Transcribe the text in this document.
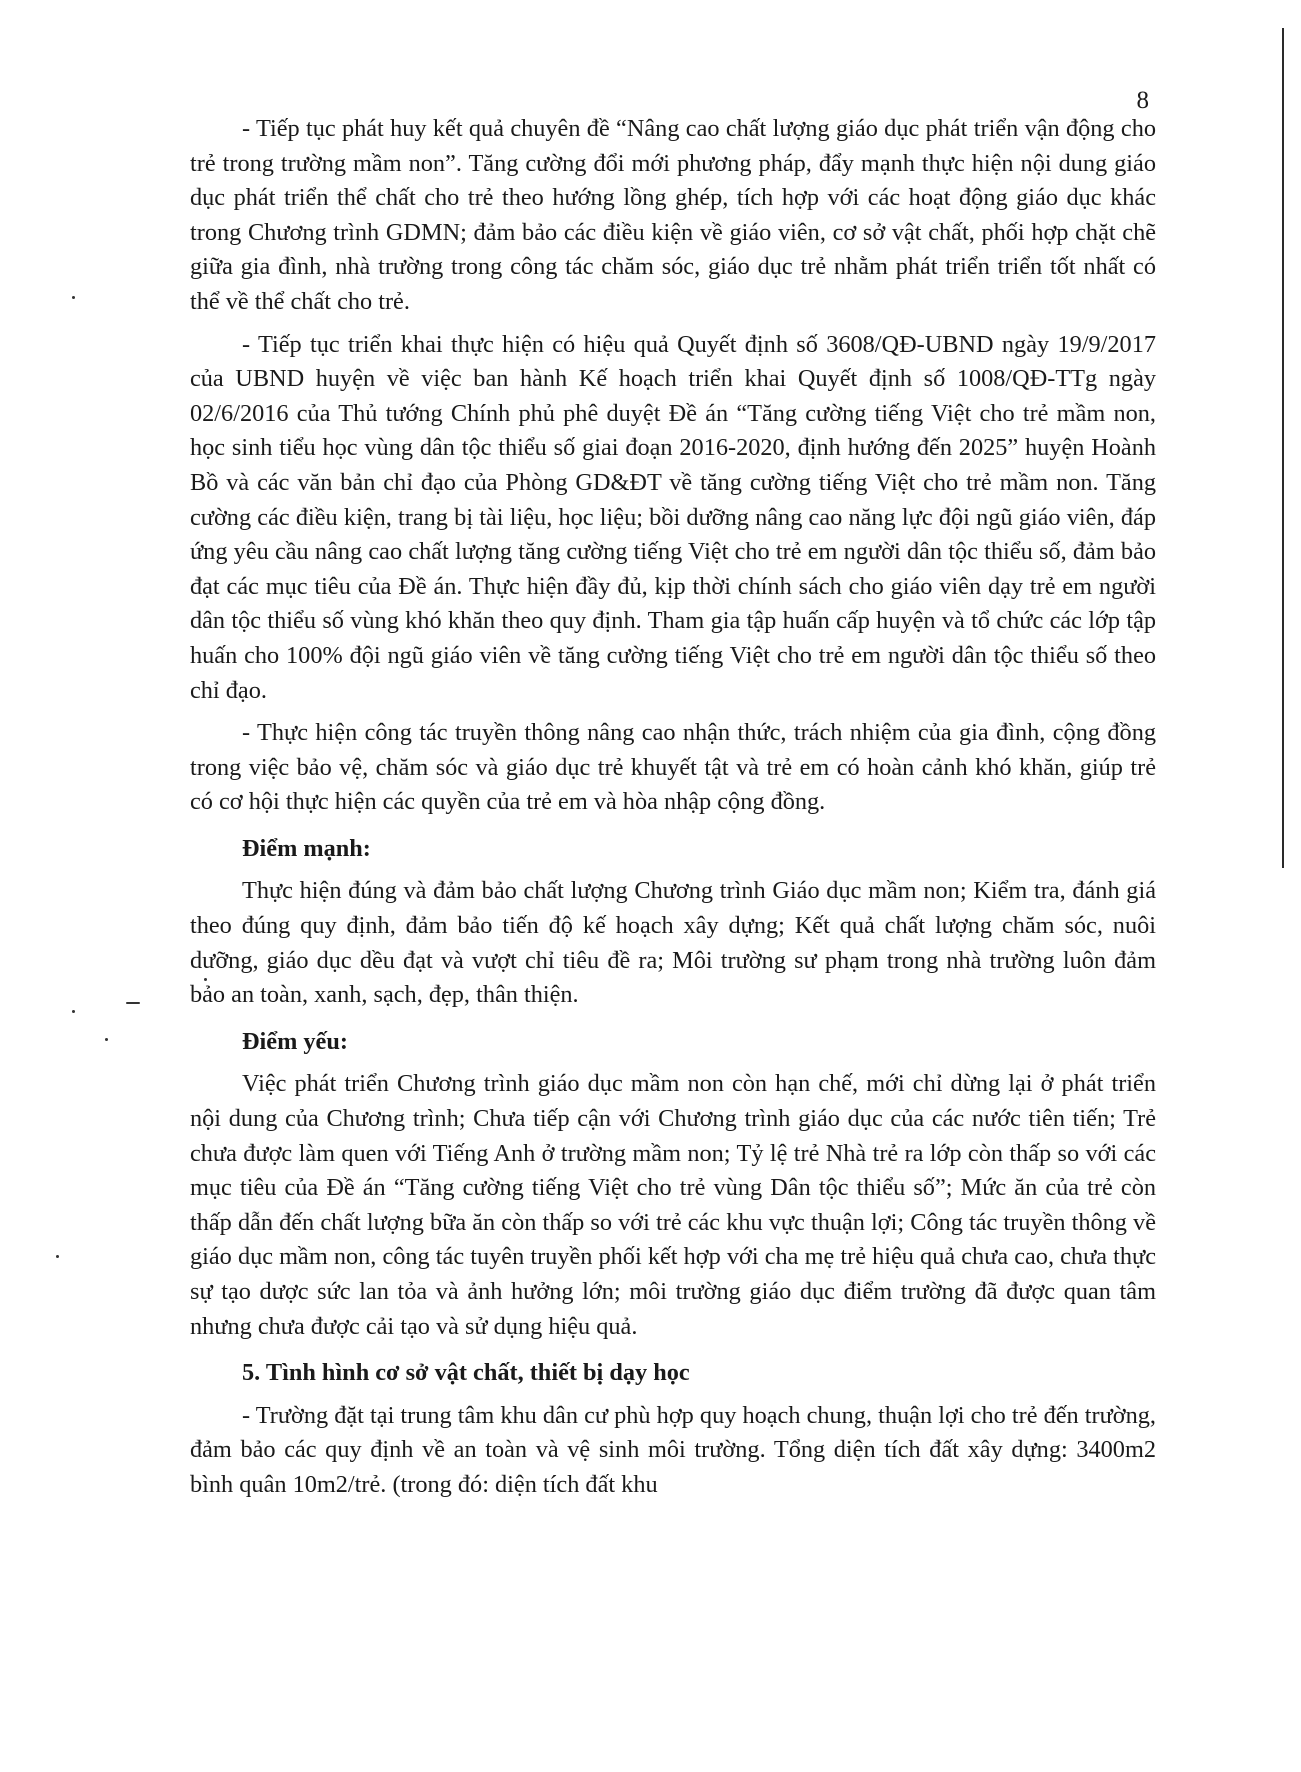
8

- Tiếp tục phát huy kết quả chuyên đề “Nâng cao chất lượng giáo dục phát triển vận động cho trẻ trong trường mầm non”. Tăng cường đổi mới phương pháp, đẩy mạnh thực hiện nội dung giáo dục phát triển thể chất cho trẻ theo hướng lồng ghép, tích hợp với các hoạt động giáo dục khác trong Chương trình GDMN; đảm bảo các điều kiện về giáo viên, cơ sở vật chất, phối hợp chặt chẽ giữa gia đình, nhà trường trong công tác chăm sóc, giáo dục trẻ nhằm phát triển triển tốt nhất có thể về thể chất cho trẻ.

- Tiếp tục triển khai thực hiện có hiệu quả Quyết định số 3608/QĐ-UBND ngày 19/9/2017 của UBND huyện về việc ban hành Kế hoạch triển khai Quyết định số 1008/QĐ-TTg ngày 02/6/2016 của Thủ tướng Chính phủ phê duyệt Đề án “Tăng cường tiếng Việt cho trẻ mầm non, học sinh tiểu học vùng dân tộc thiểu số giai đoạn 2016-2020, định hướng đến 2025” huyện Hoành Bồ và các văn bản chỉ đạo của Phòng GD&ĐT về tăng cường tiếng Việt cho trẻ mầm non. Tăng cường các điều kiện, trang bị tài liệu, học liệu; bồi dưỡng nâng cao năng lực đội ngũ giáo viên, đáp ứng yêu cầu nâng cao chất lượng tăng cường tiếng Việt cho trẻ em người dân tộc thiểu số, đảm bảo đạt các mục tiêu của Đề án. Thực hiện đầy đủ, kịp thời chính sách cho giáo viên dạy trẻ em người dân tộc thiểu số vùng khó khăn theo quy định. Tham gia tập huấn cấp huyện và tổ chức các lớp tập huấn cho 100% đội ngũ giáo viên về tăng cường tiếng Việt cho trẻ em người dân tộc thiểu số theo chỉ đạo.

- Thực hiện công tác truyền thông nâng cao nhận thức, trách nhiệm của gia đình, cộng đồng trong việc bảo vệ, chăm sóc và giáo dục trẻ khuyết tật và trẻ em có hoàn cảnh khó khăn, giúp trẻ có cơ hội thực hiện các quyền của trẻ em và hòa nhập cộng đồng.

Điểm mạnh:

Thực hiện đúng và đảm bảo chất lượng Chương trình Giáo dục mầm non; Kiểm tra, đánh giá theo đúng quy định, đảm bảo tiến độ kế hoạch xây dựng; Kết quả chất lượng chăm sóc, nuôi dưỡng, giáo dục dều đạt và vượt chỉ tiêu đề ra; Môi trường sư phạm trong nhà trường luôn đảm bảo an toàn, xanh, sạch, đẹp, thân thiện.

Điểm yếu:

Việc phát triển Chương trình giáo dục mầm non còn hạn chế, mới chỉ dừng lại ở phát triển nội dung của Chương trình; Chưa tiếp cận với Chương trình giáo dục của các nước tiên tiến; Trẻ chưa được làm quen với Tiếng Anh ở trường mầm non; Tỷ lệ trẻ Nhà trẻ ra lớp còn thấp so với các mục tiêu của Đề án “Tăng cường tiếng Việt cho trẻ vùng Dân tộc thiểu số”; Mức ăn của trẻ còn thấp dẫn đến chất lượng bữa ăn còn thấp so với trẻ các khu vực thuận lợi; Công tác truyền thông về giáo dục mầm non, công tác tuyên truyền phối kết hợp với cha mẹ trẻ hiệu quả chưa cao, chưa thực sự tạo dược sức lan tỏa và ảnh hưởng lớn; môi trường giáo dục điểm trường đã được quan tâm nhưng chưa được cải tạo và sử dụng hiệu quả.

5. Tình hình cơ sở vật chất, thiết bị dạy học

- Trường đặt tại trung tâm khu dân cư phù hợp quy hoạch chung, thuận lợi cho trẻ đến trường, đảm bảo các quy định về an toàn và vệ sinh môi trường. Tổng diện tích đất xây dựng: 3400m2 bình quân 10m2/trẻ. (trong đó: diện tích đất khu
